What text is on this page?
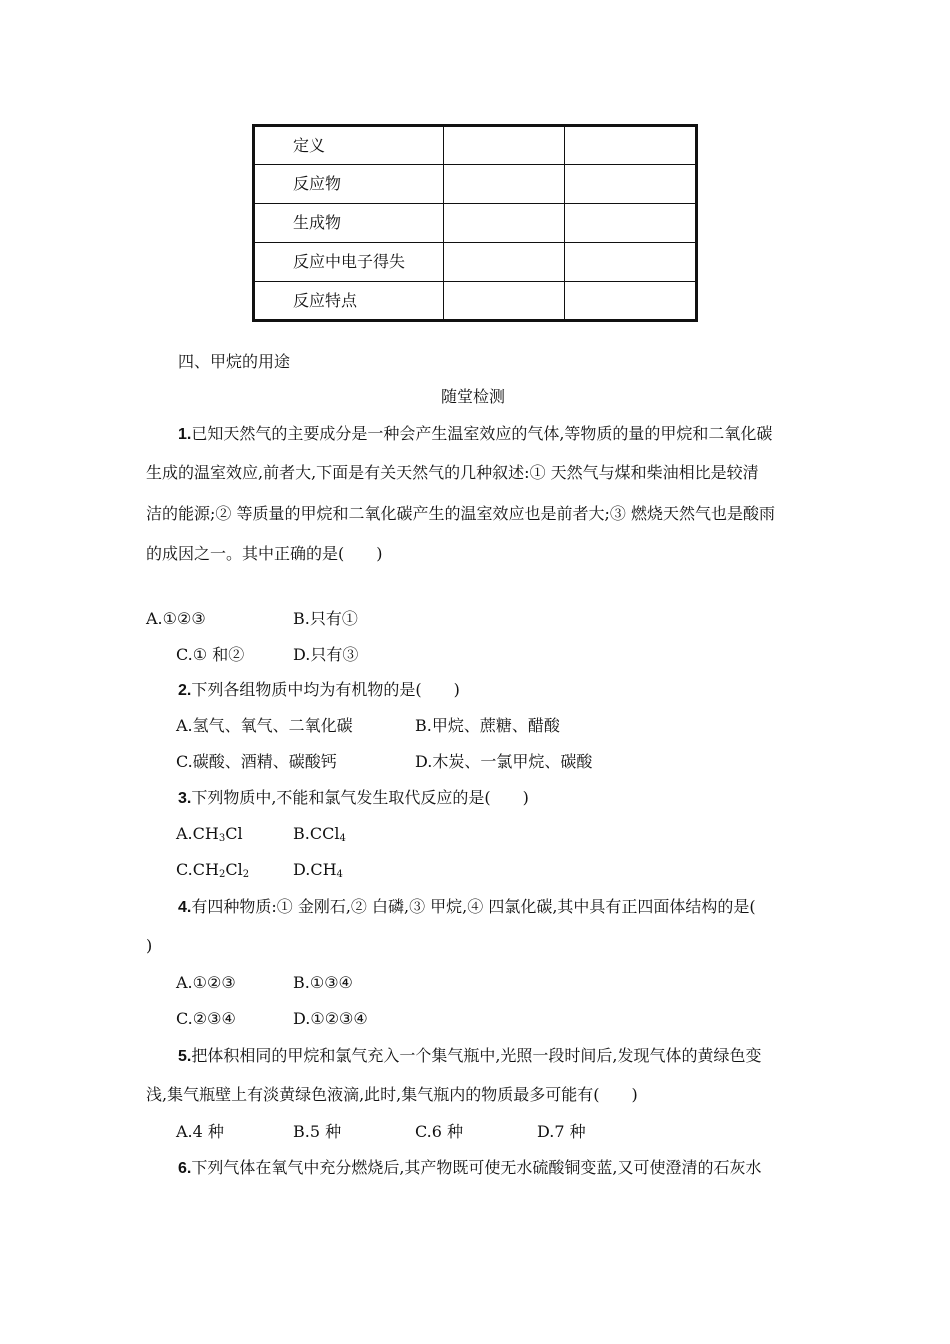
定义		
反应物		
生成物		
反应中电子得失		
反应特点		
四、甲烷的用途
随堂检测
1.已知天然气的主要成分是一种会产生温室效应的气体,等物质的量的甲烷和二氧化碳
生成的温室效应,前者大,下面是有关天然气的几种叙述:① 天然气与煤和柴油相比是较清
洁的能源;② 等质量的甲烷和二氧化碳产生的温室效应也是前者大;③ 燃烧天然气也是酸雨
的成因之一。其中正确的是(　　)
A.①②③	B.只有①
C.① 和②	D.只有③
2.下列各组物质中均为有机物的是(　　)
A.氢气、氧气、二氧化碳	B.甲烷、蔗糖、醋酸
C.碳酸、酒精、碳酸钙	D.木炭、一氯甲烷、碳酸
3.下列物质中,不能和氯气发生取代反应的是(　　)
$A.CH_3Cl$	B.CCl$_4$
$C.CH_2Cl_2$	$D.CH_4$
4.有四种物质:① 金刚石,② 白磷,③ 甲烷,④ 四氯化碳,其中具有正四面体结构的是(
)
A.①②③	B.①③④
C.②③④	D.①②③④
5.把体积相同的甲烷和氯气充入一个集气瓶中,光照一段时间后,发现气体的黄绿色变
浅,集气瓶壁上有淡黄绿色液滴,此时,集气瓶内的物质最多可能有(　　)
A.4 种	B.5 种	C.6 种	D.7 种
6.下列气体在氧气中充分燃烧后,其产物既可使无水硫酸铜变蓝,又可使澄清的石灰水
